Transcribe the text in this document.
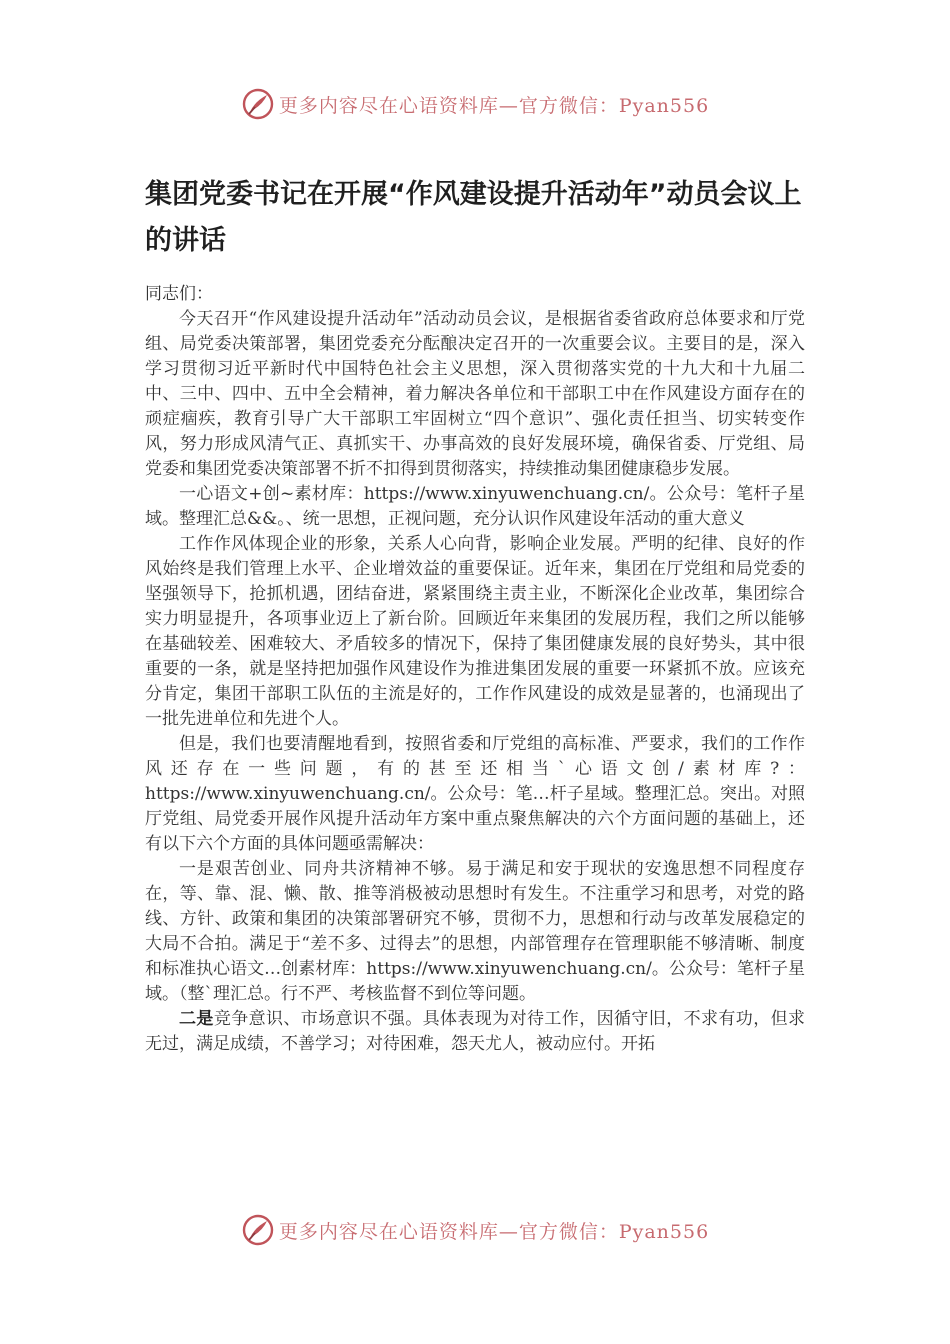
更多内容尽在心语资料库—官方微信：Pyan556
集团党委书记在开展“作风建设提升活动年”动员会议上的讲话

同志们：

今天召开“作风建设提升活动年”活动动员会议，是根据省委省政府总体要求和厅党组、局党委决策部署，集团党委充分酝酿决定召开的一次重要会议。主要目的是，深入学习贯彻习近平新时代中国特色社会主义思想，深入贯彻落实党的十九大和十九届二中、三中、四中、五中全会精神，着力解决各单位和干部职工中在作风建设方面存在的顽症痼疾，教育引导广大干部职工牢固树立“四个意识”、强化责任担当、切实转变作风，努力形成风清气正、真抓实干、办事高效的良好发展环境，确保省委、厅党组、局党委和集团党委决策部署不折不扣得到贯彻落实，持续推动集团健康稳步发展。

一心语文+创~素材库：https://www.xinyuwenchuang.cn/。公众号：笔杆子星域。整理汇总&&。、统一思想，正视问题，充分认识作风建设年活动的重大意义

工作作风体现企业的形象，关系人心向背，影响企业发展。严明的纪律、良好的作风始终是我们管理上水平、企业增效益的重要保证。近年来，集团在厅党组和局党委的坚强领导下，抢抓机遇，团结奋进，紧紧围绕主责主业，不断深化企业改革，集团综合实力明显提升，各项事业迈上了新台阶。回顾近年来集团的发展历程，我们之所以能够在基础较差、困难较大、矛盾较多的情况下，保持了集团健康发展的良好势头，其中很重要的一条，就是坚持把加强作风建设作为推进集团发展的重要一环紧抓不放。应该充分肯定，集团干部职工队伍的主流是好的，工作作风建设的成效是显著的，也涌现出了一批先进单位和先进个人。

但是，我们也要清醒地看到，按照省委和厅党组的高标准、严要求，我们的工作作风还存在一些问题，有的甚至还相当`心语文创/素材库?：https://www.xinyuwenchuang.cn/。公众号：笔…杆子星域。整理汇总。突出。对照厅党组、局党委开展作风提升活动年方案中重点聚焦解决的六个方面问题的基础上，还有以下六个方面的具体问题亟需解决：

一是艰苦创业、同舟共济精神不够。易于满足和安于现状的安逸思想不同程度存在，等、靠、混、懒、散、推等消极被动思想时有发生。不注重学习和思考，对党的路线、方针、政策和集团的决策部署研究不够，贯彻不力，思想和行动与改革发展稳定的大局不合拍。满足于“差不多、过得去”的思想，内部管理存在管理职能不够清晰、制度和标准执心语文…创素材库：https://www.xinyuwenchuang.cn/。公众号：笔杆子星域。（整`理汇总。行不严、考核监督不到位等问题。

二是竞争意识、市场意识不强。具体表现为对待工作，因循守旧，不求有功，但求无过，满足成绩，不善学习；对待困难，怨天尤人，被动应付。开拓

更多内容尽在心语资料库—官方微信：Pyan556
